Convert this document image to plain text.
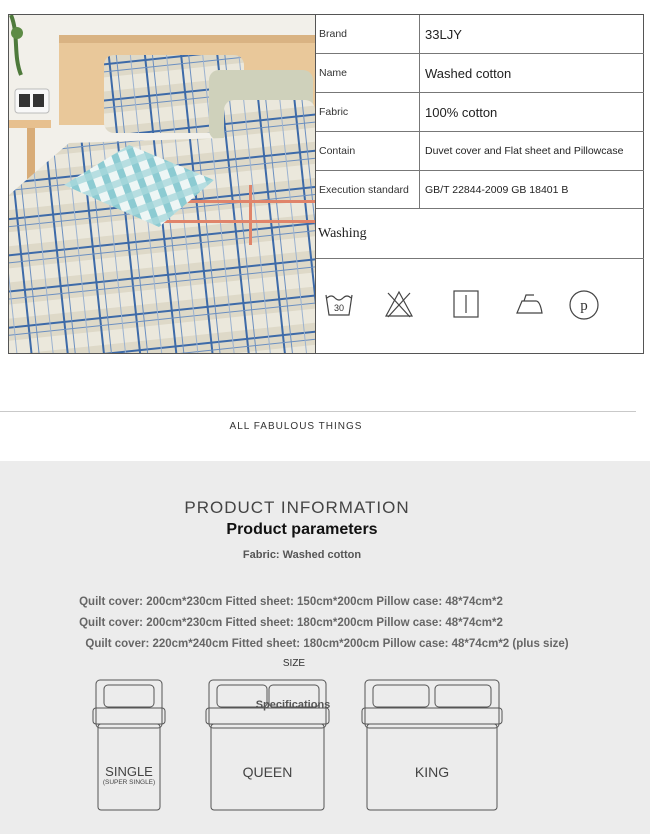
Brand	33LJY
Name	Washed cotton
Fabric	100% cotton
Contain	Duvet cover and Flat sheet and Pillowcase
Execution standard	GB/T 22844-2009 GB 18401 B
Washing
30	p
ALL FABULOUS THINGS
PRODUCT INFORMATION
Product parameters
Fabric: Washed cotton
Quilt cover: 200cm*230cm Fitted sheet: 150cm*200cm Pillow case: 48*74cm*2
Quilt cover: 200cm*230cm Fitted sheet: 180cm*200cm Pillow case: 48*74cm*2
Quilt cover: 220cm*240cm Fitted sheet: 180cm*200cm Pillow case: 48*74cm*2 (plus size)
SIZE
SINGLE
(SUPER SINGLE)
QUEEN	KING
Specifications
